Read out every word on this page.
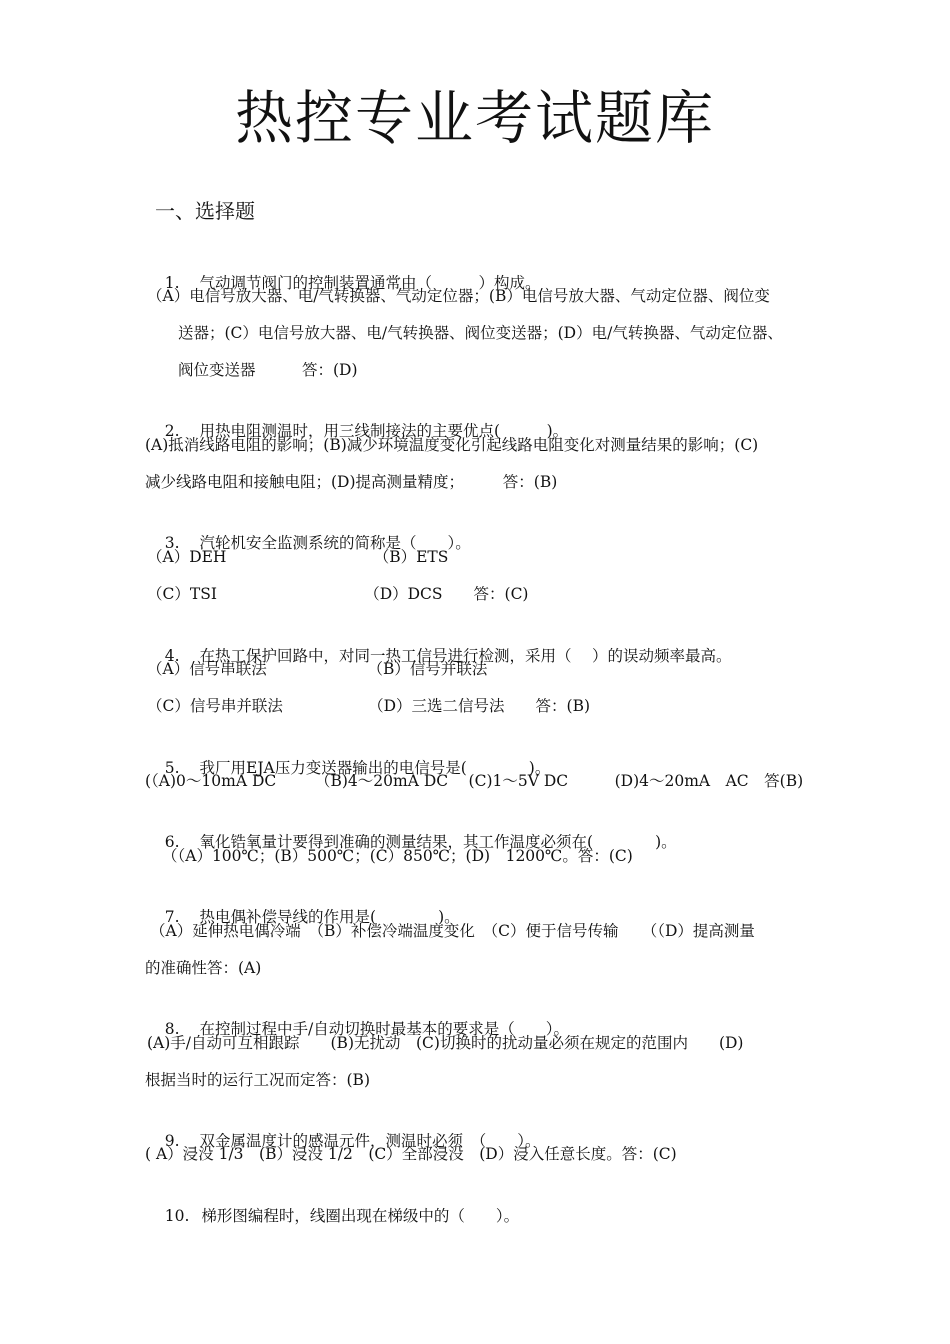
热控专业考试题库
一、选择题

1. 气动调节阀门的控制装置通常由（　　　）构成。

（A）电信号放大器、电/气转换器、气动定位器；(B）电信号放大器、气动定位器、阀位变
送器；(C）电信号放大器、电/气转换器、阀位变送器；(D）电/气转换器、气动定位器、
阀位变送器　　　答：(D)

2. 用热电阻测温时，用三线制接法的主要优点(　　　)。

(A)抵消线路电阻的影响；(B)减少环境温度变化引起线路电阻变化对测量结果的影响；(C)
减少线路电阻和接触电阻；(D)提高测量精度；　　　答：(B)

3. 汽轮机安全监测系统的简称是（　　）。

（A）DEH　　　　　　　　　　（B）ETS
（C）TSI　　　　　　　　　　（D）DCS　　答：(C)

4. 在热工保护回路中，对同一热工信号进行检测，采用（　 ）的误动频率最高。

（A）信号串联法　　　　　　　（B）信号并联法
（C）信号串并联法　　　　　　（D）三选二信号法　　答：(B)

5. 我厂用EJA压力变送器输出的电信号是(　　　　)。

(（A)0～10mA DC　　　（B)4～20mA DC　 (C)1～5V DC　　　(D)4～20mA　AC　答(B)

6. 氧化锆氧量计要得到准确的测量结果，其工作温度必须在(　　　　)。

（（A）100℃；(B）500℃；(C）850℃；(D)　1200℃。答：(C)

7. 热电偶补偿导线的作用是(　　　　)。

（A）延伸热电偶冷端　（B）补偿冷端温度变化　（C）便于信号传输　　（（D）提高测量
的准确性答：(A)

8. 在控制过程中手/自动切换时最基本的要求是（　　）。

(A)手/自动可互相跟踪　　(B)无扰动　(C)切换时的扰动量必须在规定的范围内　　(D)
根据当时的运行工况而定答：(B)

9. 双金属温度计的感温元件，测温时必须　（　　）。

( A）浸没 1/3　(B）浸没 1/2　(C）全部浸没　(D）浸入任意长度。答：(C)

10. 梯形图编程时，线圈出现在梯级中的（　　）。
